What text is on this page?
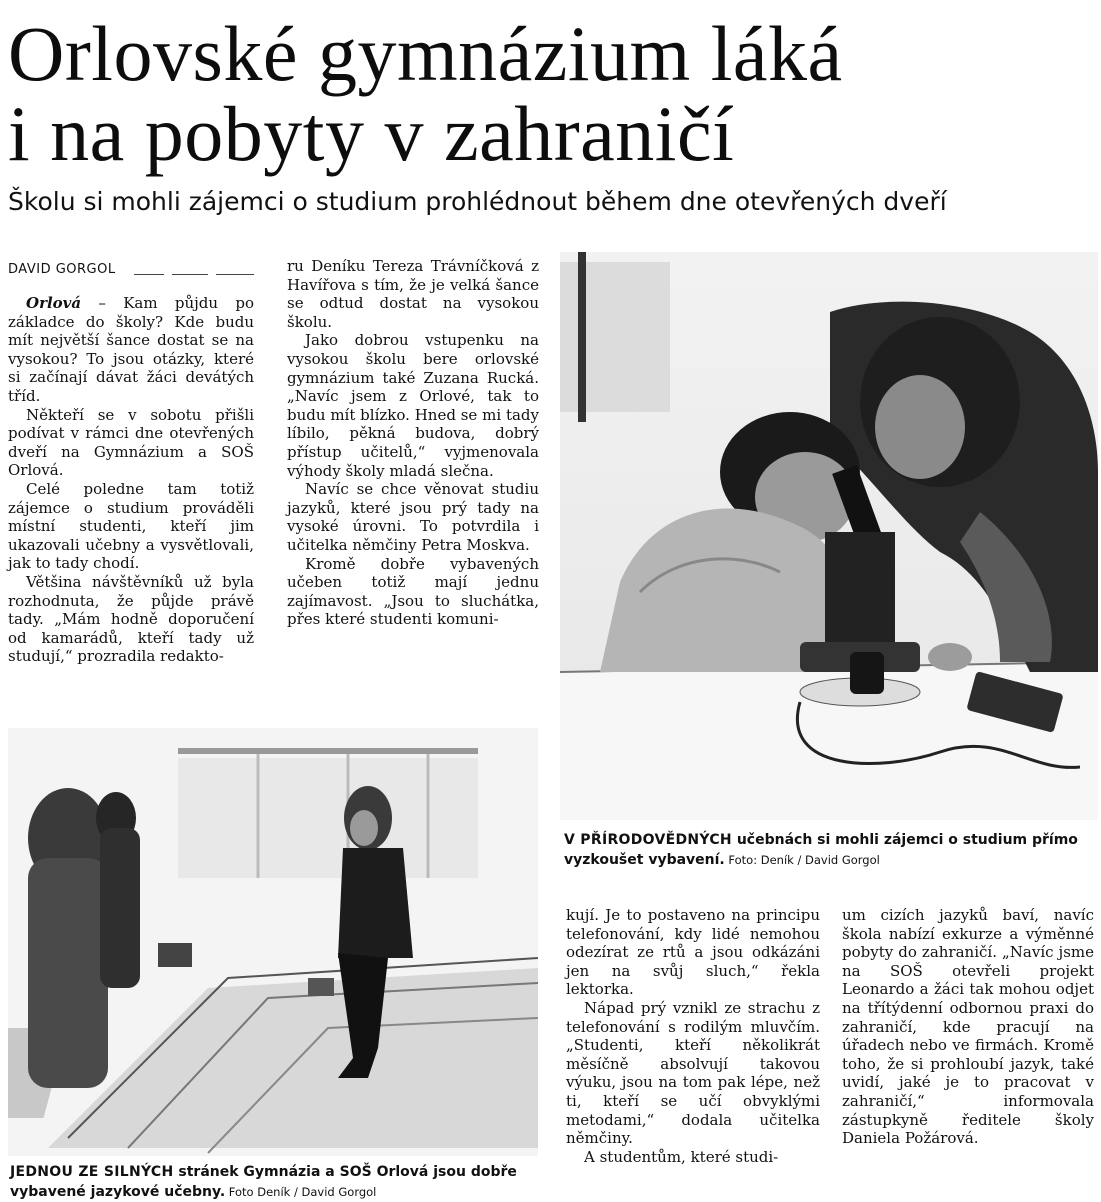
Orlovské gymnázium láká
i na pobyty v zahraničí
Školu si mohli zájemci o studium prohlédnout během dne otevřených dveří
DAVID GORGOL

Orlová – Kam půjdu po základce do školy? Kde budu mít největší šance dostat se na vysokou? To jsou otázky, které si začínají dávat žáci devátých tříd.

Někteří se v sobotu přišli podívat v rámci dne otevřených dveří na Gymnázium a SOŠ Orlová.

Celé poledne tam totiž zájemce o studium prováděli místní studenti, kteří jim ukazovali učebny a vysvětlovali, jak to tady chodí.

Většina návštěvníků už byla rozhodnuta, že půjde právě tady. „Mám hodně doporučení od kamarádů, kteří tady už studují,“ prozradila redakto-

ru Deníku Tereza Trávníčková z Havířova s tím, že je velká šance se odtud dostat na vysokou školu.

Jako dobrou vstupenku na vysokou školu bere orlovské gymnázium také Zuzana Rucká. „Navíc jsem z Orlové, tak to budu mít blízko. Hned se mi tady líbilo, pěkná budova, dobrý přístup učitelů,“ vyjmenovala výhody školy mladá slečna.

Navíc se chce věnovat studiu jazyků, které jsou prý tady na vysoké úrovni. To potvrdila i učitelka němčiny Petra Moskva.

Kromě dobře vybavených učeben totiž mají jednu zajímavost. „Jsou to sluchátka, přes které studenti komuni-

V PŘÍRODOVĚDNÝCH učebnách si mohli zájemci o studium přímo vyzkoušet vybavení. Foto: Deník / David Gorgol
JEDNOU ZE SILNÝCH stránek Gymnázia a SOŠ Orlová jsou dobře vybavené jazykové učebny. Foto Deník / David Gorgol

kují. Je to postaveno na principu telefonování, kdy lidé nemohou odezírat ze rtů a jsou odkázáni jen na svůj sluch,“ řekla lektorka.

Nápad prý vznikl ze strachu z telefonování s rodilým mluvčím. „Studenti, kteří několikrát měsíčně absolvují takovou výuku, jsou na tom pak lépe, než ti, kteří se učí obvyklými metodami,“ dodala učitelka němčiny.

A studentům, které studi-

um cizích jazyků baví, navíc škola nabízí exkurze a výměnné pobyty do zahraničí. „Navíc jsme na SOŠ otevřeli projekt Leonardo a žáci tak mohou odjet na třítýdenní odbornou praxi do zahraničí, kde pracují na úřadech nebo ve firmách. Kromě toho, že si prohloubí jazyk, také uvidí, jaké je to pracovat v zahraničí,“ informovala zástupkyně ředitele školy Daniela Požárová.
